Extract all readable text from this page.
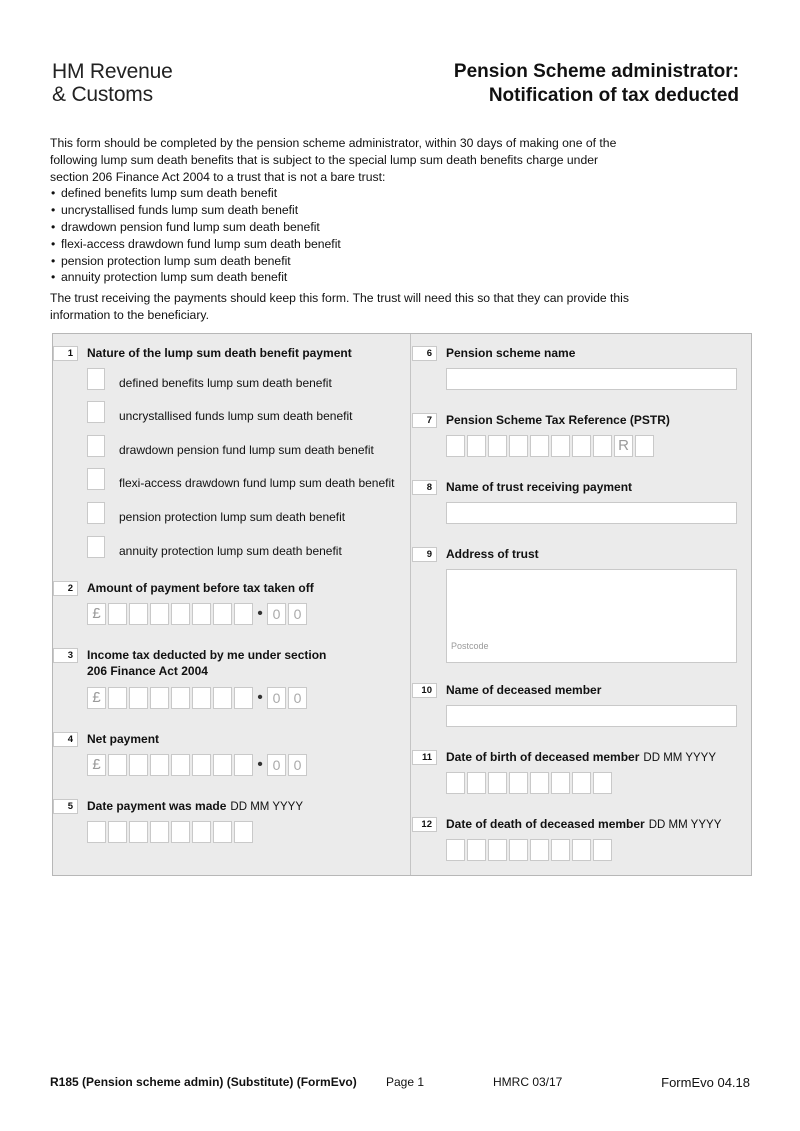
HM Revenue
& Customs
Pension Scheme administrator:
Notification of tax deducted
This form should be completed by the pension scheme administrator, within 30 days of making one of the
following lump sum death benefits that is subject to the special lump sum death benefits charge under
section 206 Finance Act 2004 to a trust that is not a bare trust:
• defined benefits lump sum death benefit
• uncrystallised funds lump sum death benefit
• drawdown pension fund lump sum death benefit
• flexi-access drawdown fund lump sum death benefit
• pension protection lump sum death benefit
• annuity protection lump sum death benefit
The trust receiving the payments should keep this form. The trust will need this so that they can provide this
information to the beneficiary.
1	Nature of the lump sum death benefit payment
defined benefits lump sum death benefit
uncrystallised funds lump sum death benefit
drawdown pension fund lump sum death benefit
flexi-access drawdown fund lump sum death benefit
pension protection lump sum death benefit
annuity protection lump sum death benefit
2	Amount of payment before tax taken off
£	• 0 0
3	Income tax deducted by me under section
206 Finance Act 2004
£	• 0 0
4	Net payment
£	• 0 0
5	Date payment was made DD MM YYYY
6	Pension scheme name
7	Pension Scheme Tax Reference (PSTR)
R
8	Name of trust receiving payment
9	Address of trust
Postcode
10	Name of deceased member
11	Date of birth of deceased member DD MM YYYY
12	Date of death of deceased member DD MM YYYY
R185 (Pension scheme admin) (Substitute) (FormEvo) Page 1	HMRC 03/17	FormEvo 04.18
